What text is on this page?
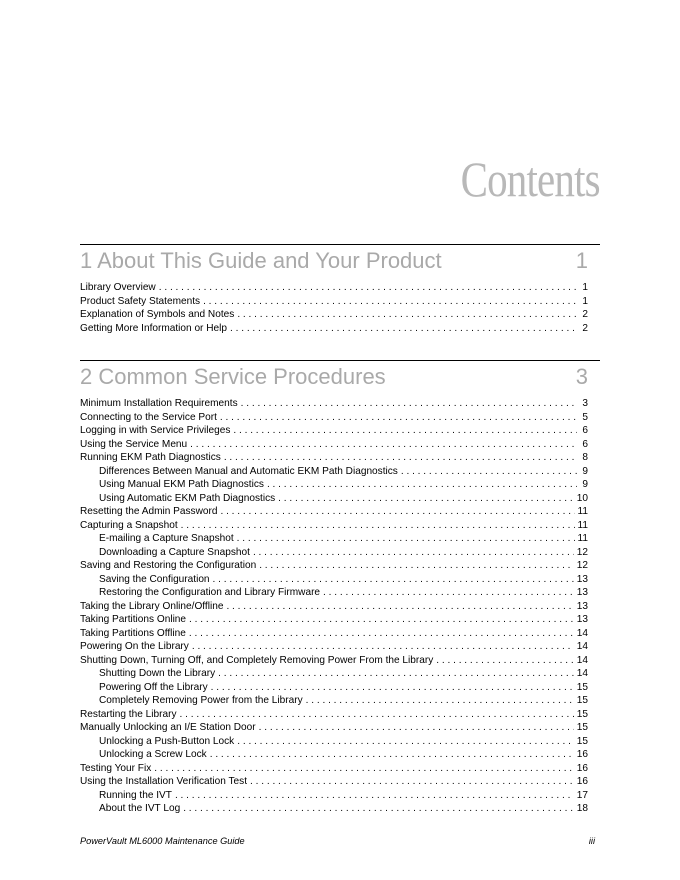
Contents
1 About This Guide and Your Product	1
Library Overview . . .	1
Product Safety Statements . . .	1
Explanation of Symbols and Notes . . .	2
Getting More Information or Help . . .	2
2 Common Service Procedures	3
Minimum Installation Requirements . . .	3
Connecting to the Service Port . . .	5
Logging in with Service Privileges . . .	6
Using the Service Menu . . .	6
Running EKM Path Diagnostics . . .	8
Differences Between Manual and Automatic EKM Path Diagnostics . . .	9
Using Manual EKM Path Diagnostics . . .	9
Using Automatic EKM Path Diagnostics . . .	10
Resetting the Admin Password . . .	11
Capturing a Snapshot . . .	11
E-mailing a Capture Snapshot . . .	11
Downloading a Capture Snapshot . . .	12
Saving and Restoring the Configuration . . .	12
Saving the Configuration . . .	13
Restoring the Configuration and Library Firmware . . .	13
Taking the Library Online/Offline . . .	13
Taking Partitions Online . . .	13
Taking Partitions Offline . . .	14
Powering On the Library . . .	14
Shutting Down, Turning Off, and Completely Removing Power From the Library . . .	14
Shutting Down the Library . . .	14
Powering Off the Library . . .	15
Completely Removing Power from the Library . . .	15
Restarting the Library . . .	15
Manually Unlocking an I/E Station Door . . .	15
Unlocking a Push-Button Lock . . .	15
Unlocking a Screw Lock . . .	16
Testing Your Fix . . .	16
Using the Installation Verification Test . . .	16
Running the IVT . . .	17
About the IVT Log . . .	18
PowerVault ML6000 Maintenance Guide	iii
